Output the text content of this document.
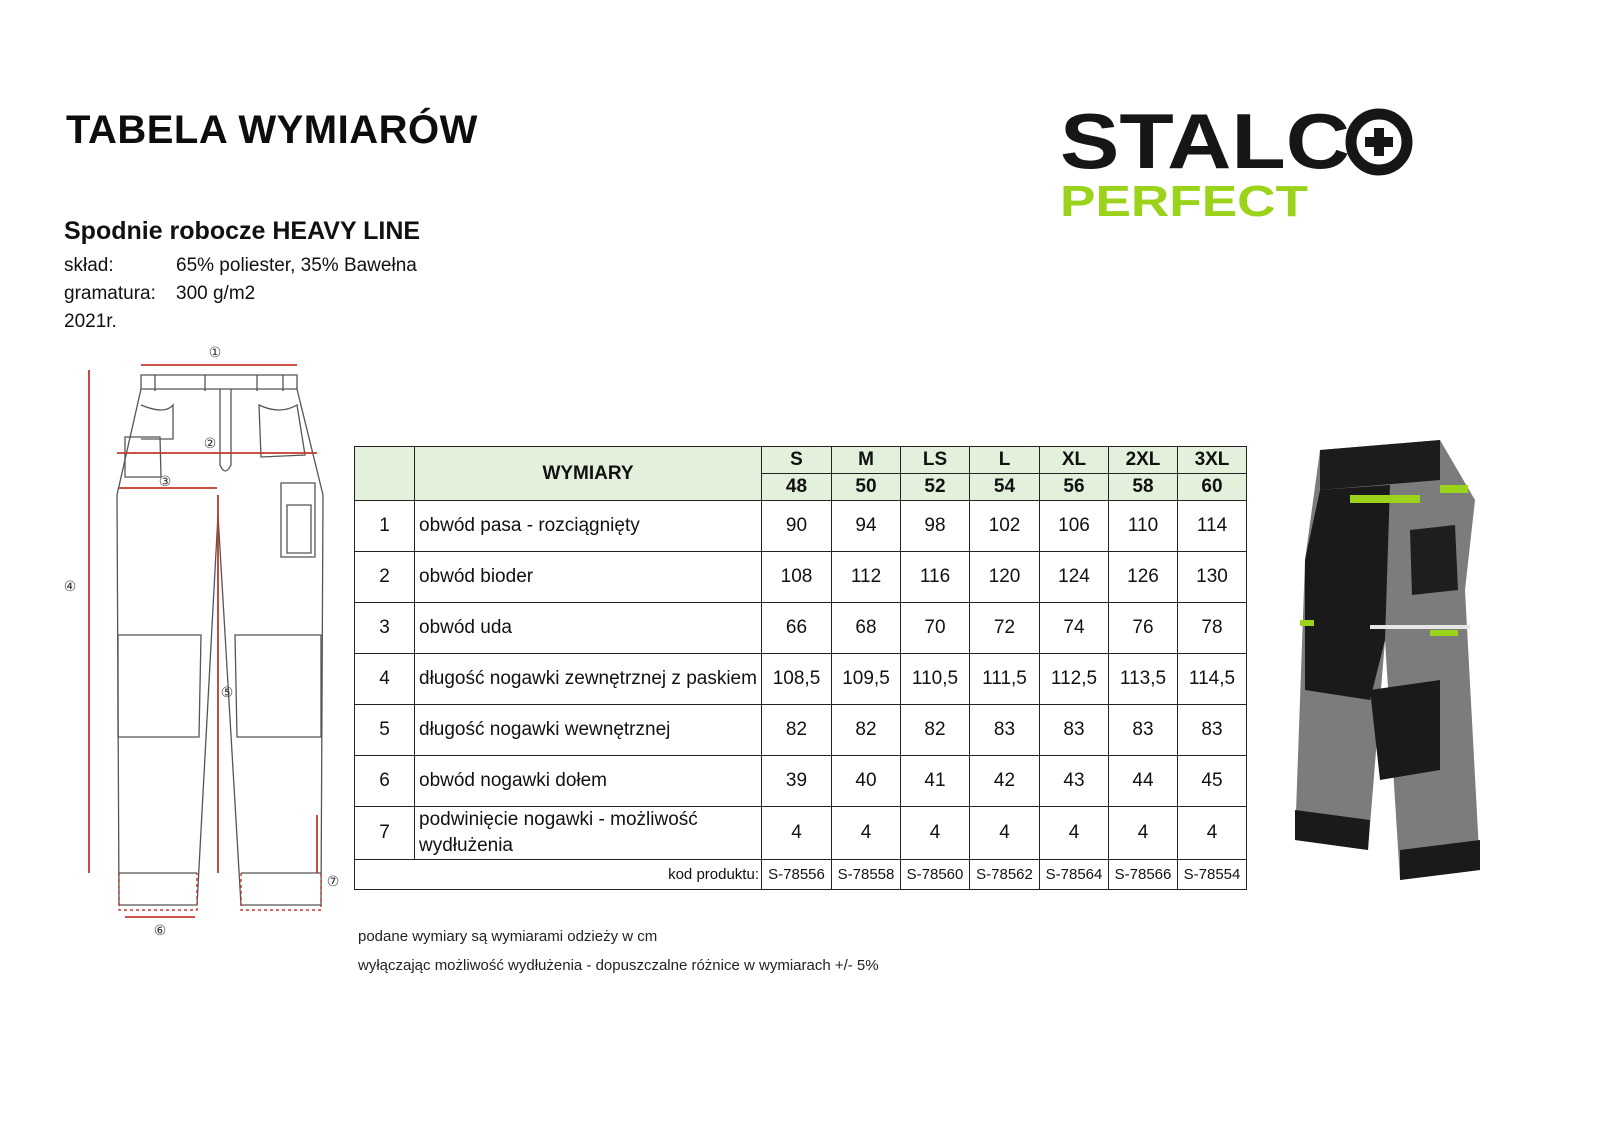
TABELA WYMIARÓW
Spodnie robocze HEAVY LINE
skład:	65% poliester, 35% Bawełna
gramatura: 300 g/m2
2021r.
STALC
PERFECT
①
②
③
④
⑤
⑥
⑦
	WYMIARY	S	M	LS	L	XL	2XL	3XL
		48	50	52	54	56	58	60
1	obwód pasa - rozciągnięty	90	94	98	102	106	110	114
2	obwód bioder	108	112	116	120	124	126	130
3	obwód uda	66	68	70	72	74	76	78
4	długość nogawki zewnętrznej z paskiem	108,5	109,5	110,5	111,5	112,5	113,5	114,5
5	długość nogawki wewnętrznej	82	82	82	83	83	83	83
6	obwód nogawki dołem	39	40	41	42	43	44	45
7	podwinięcie nogawki - możliwość wydłużenia	4	4	4	4	4	4	4
kod produktu:		S-78556	S-78558	S-78560	S-78562	S-78564	S-78566	S-78554
podane wymiary są wymiarami odzieży w cm
wyłączając możliwość wydłużenia - dopuszczalne różnice w wymiarach +/- 5%
